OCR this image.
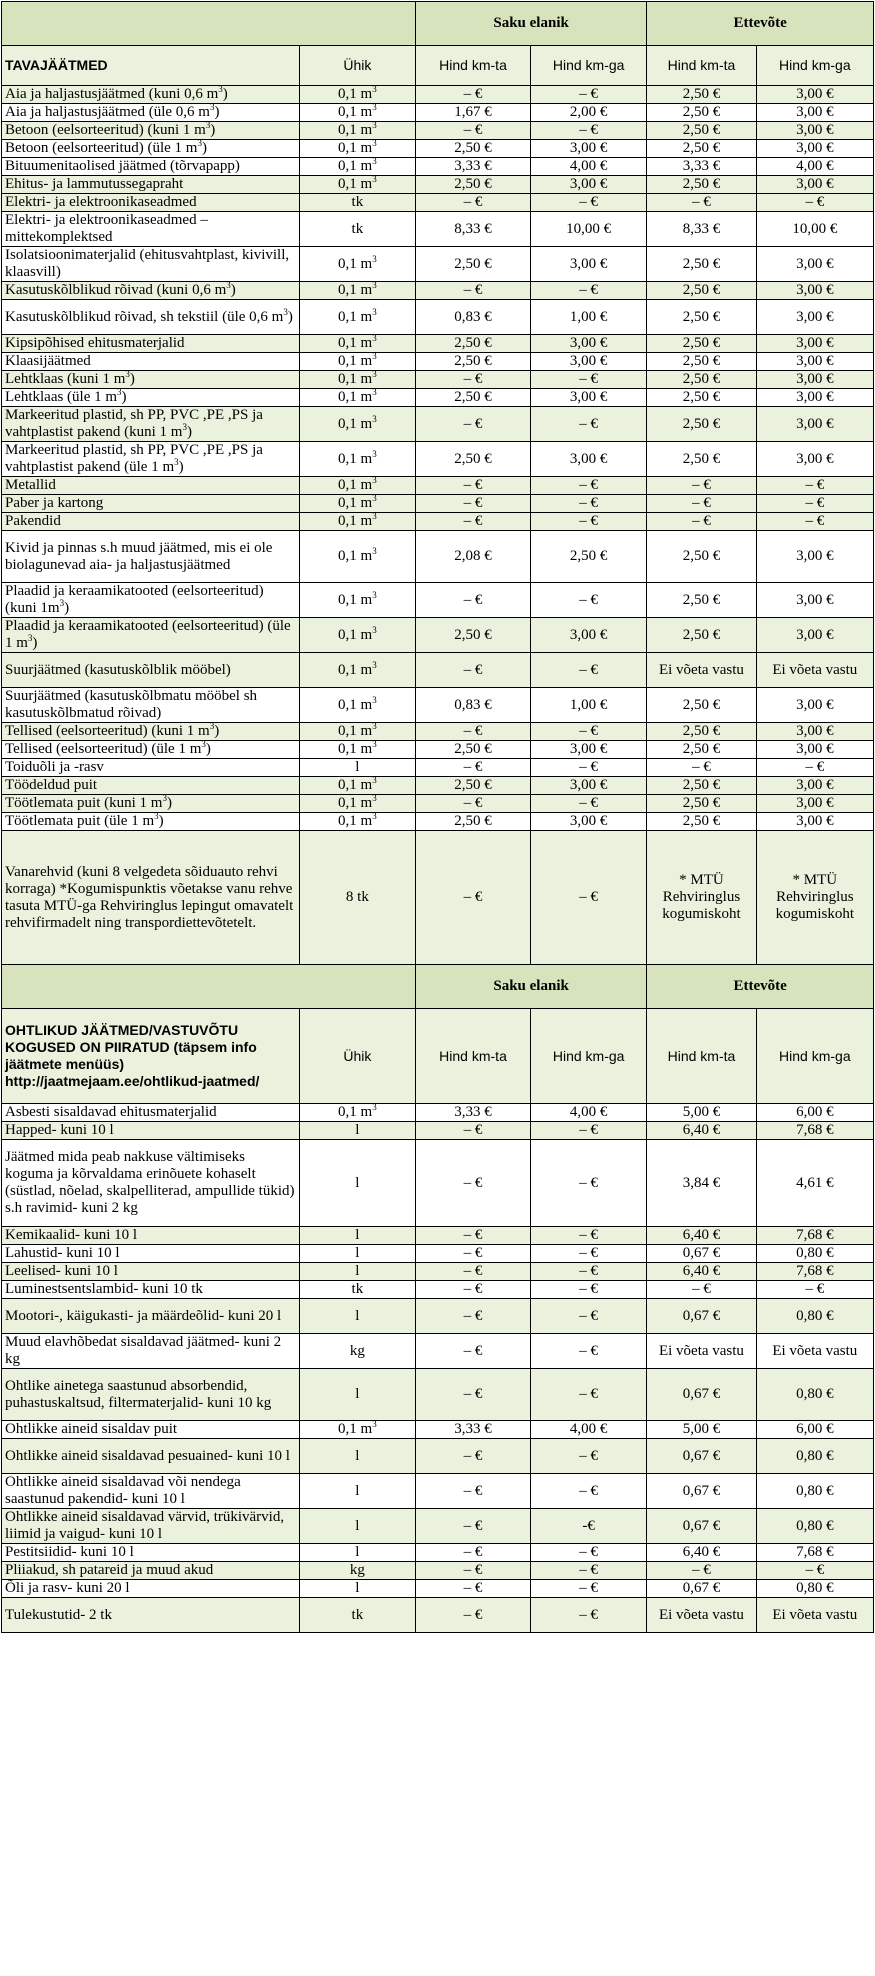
		Saku elanik		Ettevõte	
TAVAJÄÄTMED	Ühik	Hind km-ta	Hind km-ga	Hind km-ta	Hind km-ga
Aia ja haljastusjäätmed (kuni 0,6 $m^3$)	0,1 $m^3$	– €	– €	2,50 €	3,00 €
Aia ja haljastusjäätmed (üle 0,6 $m^3$)	0,1 $m^3$	1,67 €	2,00 €	2,50 €	3,00 €
Betoon (eelsorteeritud) (kuni 1 $m^3$)	0,1 $m^3$	– €	– €	2,50 €	3,00 €
Betoon (eelsorteeritud) (üle 1 $m^3$)	0,1 $m^3$	2,50 €	3,00 €	2,50 €	3,00 €
Bituumenitaolised jäätmed (tõrvapapp)	0,1 $m^3$	3,33 €	4,00 €	3,33 €	4,00 €
Ehitus- ja lammutussegapraht	0,1 $m^3$	2,50 €	3,00 €	2,50 €	3,00 €
Elektri- ja elektroonikaseadmed	tk	– €	– €	– €	– €
Elektri- ja elektroonikaseadmed – mittekomplektsed	tk	8,33 €	10,00 €	8,33 €	10,00 €
Isolatsioonimaterjalid (ehitusvahtplast, kivivill, klaasvill)	0,1 $m^3$	2,50 €	3,00 €	2,50 €	3,00 €
Kasutuskõlblikud rõivad (kuni 0,6 $m^3$)	0,1 $m^3$	– €	– €	2,50 €	3,00 €
Kasutuskõlblikud rõivad, sh tekstiil (üle 0,6 $m^3$)	0,1 $m^3$	0,83 €	1,00 €	2,50 €	3,00 €
Kipsipõhised ehitusmaterjalid	0,1 $m^3$	2,50 €	3,00 €	2,50 €	3,00 €
Klaasijäätmed	0,1 $m^3$	2,50 €	3,00 €	2,50 €	3,00 €
Lehtklaas (kuni 1 $m^3$)	0,1 $m^3$	– €	– €	2,50 €	3,00 €
Lehtklaas (üle 1 $m^3$)	0,1 $m^3$	2,50 €	3,00 €	2,50 €	3,00 €
Markeeritud plastid, sh PP, PVC ,PE ,PS ja vahtplastist pakend (kuni 1 $m^3$)	0,1 $m^3$	– €	– €	2,50 €	3,00 €
Markeeritud plastid, sh PP, PVC ,PE ,PS ja vahtplastist pakend (üle 1 $m^3$)	0,1 $m^3$	2,50 €	3,00 €	2,50 €	3,00 €
Metallid	0,1 $m^3$	– €	– €	– €	– €
Paber ja kartong	0,1 $m^3$	– €	– €	– €	– €
Pakendid	0,1 $m^3$	– €	– €	– €	– €
Kivid ja pinnas s.h muud jäätmed, mis ei ole biolagunevad aia- ja haljastusjäätmed	0,1 $m^3$	2,08 €	2,50 €	2,50 €	3,00 €
Plaadid ja keraamikatooted (eelsorteeritud) (kuni $1m^3$)	0,1 $m^3$	– €	– €	2,50 €	3,00 €
Plaadid ja keraamikatooted (eelsorteeritud) (üle 1 $m^3$)	0,1 $m^3$	2,50 €	3,00 €	2,50 €	3,00 €
Suurjäätmed (kasutuskõlblik mööbel)	0,1 $m^3$	– €	– €	Ei võeta vastu	Ei võeta vastu
Suurjäätmed (kasutuskõlbmatu mööbel sh kasutuskõlbmatud rõivad)	0,1 $m^3$	0,83 €	1,00 €	2,50 €	3,00 €
Tellised (eelsorteeritud) (kuni 1 $m^3$)	0,1 $m^3$	– €	– €	2,50 €	3,00 €
Tellised (eelsorteeritud) (üle 1 $m^3$)	0,1 $m^3$	2,50 €	3,00 €	2,50 €	3,00 €
Toiduõli ja -rasv	l	– €	– €	– €	– €
Töödeldud puit	0,1 $m^3$	2,50 €	3,00 €	2,50 €	3,00 €
Töötlemata puit (kuni 1 $m^3$)	0,1 $m^3$	– €	– €	2,50 €	3,00 €
Töötlemata puit (üle 1 $m^3$)	0,1 $m^3$	2,50 €	3,00 €	2,50 €	3,00 €
Vanarehvid (kuni 8 velgedeta sõiduauto rehvi korraga) *Kogumispunktis võetakse vanu rehve tasuta MTÜ-ga Rehviringlus lepingut omavatelt rehvifirmadelt ning transpordiettevõtetelt.	8 tk	– €	– €	* MTÜ Rehviringlus kogumiskoht	* MTÜ Rehviringlus kogumiskoht
		Saku elanik		Ettevõte	
OHTLIKUD JÄÄTMED/VASTUVÕTU KOGUSED ON PIIRATUD (täpsem info jäätmete menüüs) http://jaatmejaam.ee/ohtlikud-jaatmed/	Ühik	Hind km-ta	Hind km-ga	Hind km-ta	Hind km-ga
Asbesti sisaldavad ehitusmaterjalid	0,1 $m^3$	3,33 €	4,00 €	5,00 €	6,00 €
Happed- kuni 10 l	l	– €	– €	6,40 €	7,68 €
Jäätmed mida peab nakkuse vältimiseks koguma ja kõrvaldama erinõuete kohaselt (süstlad, nõelad, skalpelliterad, ampullide tükid) s.h ravimid- kuni 2 kg	l	– €	– €	3,84 €	4,61 €
Kemikaalid- kuni 10 l	l	– €	– €	6,40 €	7,68 €
Lahustid- kuni 10 l	l	– €	– €	0,67 €	0,80 €
Leelised- kuni 10 l	l	– €	– €	6,40 €	7,68 €
Luminestsentslambid- kuni 10 tk	tk	– €	– €	– €	– €
Mootori-, käigukasti- ja määrdeõlid- kuni 20 l	l	– €	– €	0,67 €	0,80 €
Muud elavhõbedat sisaldavad jäätmed- kuni 2 kg	kg	– €	– €	Ei võeta vastu	Ei võeta vastu
Ohtlike ainetega saastunud absorbendid, puhastuskaltsud, filtermaterjalid- kuni 10 kg	l	– €	– €	0,67 €	0,80 €
Ohtlikke aineid sisaldav puit	0,1 $m^3$	3,33 €	4,00 €	5,00 €	6,00 €
Ohtlikke aineid sisaldavad pesuained- kuni 10 l	l	– €	– €	0,67 €	0,80 €
Ohtlikke aineid sisaldavad või nendega saastunud pakendid- kuni 10 l	l	– €	– €	0,67 €	0,80 €
Ohtlikke aineid sisaldavad värvid, trükivärvid, liimid ja vaigud- kuni 10 l	l	– €	-€	0,67 €	0,80 €
Pestitsiidid- kuni 10 l	l	– €	– €	6,40 €	7,68 €
Pliiakud, sh patareid ja muud akud	kg	– €	– €	– €	– €
Õli ja rasv- kuni 20 l	l	– €	– €	0,67 €	0,80 €
Tulekustutid- 2 tk	tk	– €	– €	Ei võeta vastu	Ei võeta vastu
